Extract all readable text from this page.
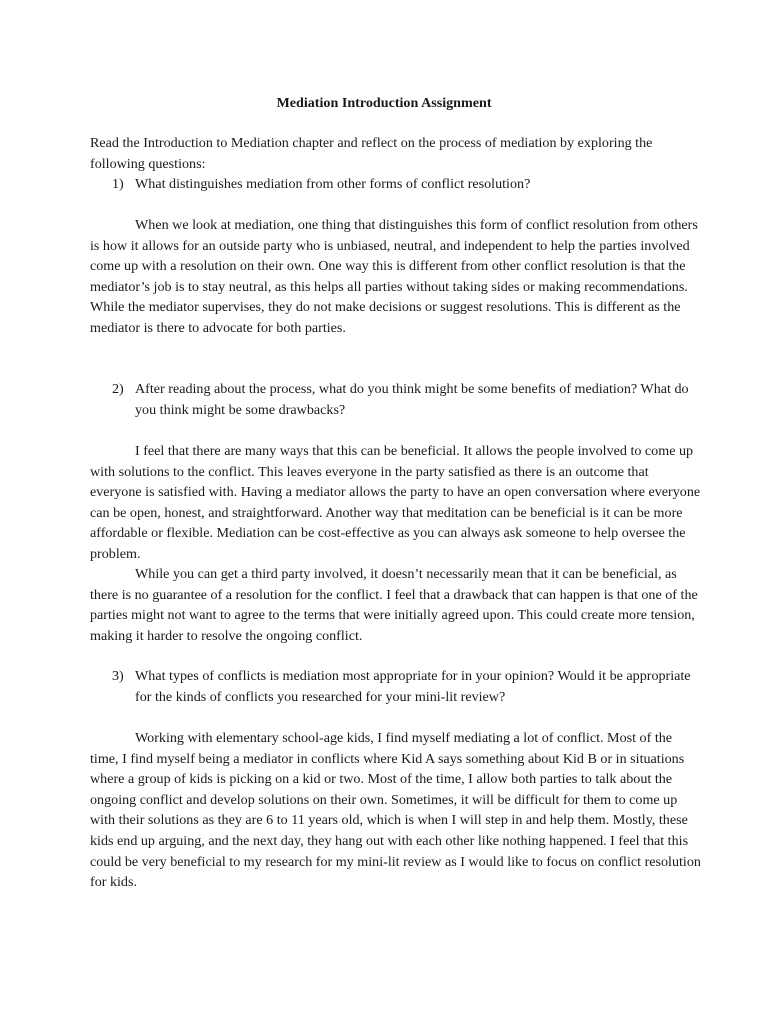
Mediation Introduction Assignment

Read the Introduction to Mediation chapter and reflect on the process of mediation by exploring the following questions:

1) What distinguishes mediation from other forms of conflict resolution?

When we look at mediation, one thing that distinguishes this form of conflict resolution from others is how it allows for an outside party who is unbiased, neutral, and independent to help the parties involved come up with a resolution on their own. One way this is different from other conflict resolution is that the mediator’s job is to stay neutral, as this helps all parties without taking sides or making recommendations. While the mediator supervises, they do not make decisions or suggest resolutions. This is different as the mediator is there to advocate for both parties.

2) After reading about the process, what do you think might be some benefits of mediation? What do you think might be some drawbacks?

I feel that there are many ways that this can be beneficial. It allows the people involved to come up with solutions to the conflict. This leaves everyone in the party satisfied as there is an outcome that everyone is satisfied with. Having a mediator allows the party to have an open conversation where everyone can be open, honest, and straightforward. Another way that meditation can be beneficial is it can be more affordable or flexible. Mediation can be cost-effective as you can always ask someone to help oversee the problem.

While you can get a third party involved, it doesn’t necessarily mean that it can be beneficial, as there is no guarantee of a resolution for the conflict. I feel that a drawback that can happen is that one of the parties might not want to agree to the terms that were initially agreed upon. This could create more tension, making it harder to resolve the ongoing conflict.

3) What types of conflicts is mediation most appropriate for in your opinion? Would it be appropriate for the kinds of conflicts you researched for your mini-lit review?

Working with elementary school-age kids, I find myself mediating a lot of conflict. Most of the time, I find myself being a mediator in conflicts where Kid A says something about Kid B or in situations where a group of kids is picking on a kid or two. Most of the time, I allow both parties to talk about the ongoing conflict and develop solutions on their own. Sometimes, it will be difficult for them to come up with their solutions as they are 6 to 11 years old, which is when I will step in and help them. Mostly, these kids end up arguing, and the next day, they hang out with each other like nothing happened. I feel that this could be very beneficial to my research for my mini-lit review as I would like to focus on conflict resolution for kids.
